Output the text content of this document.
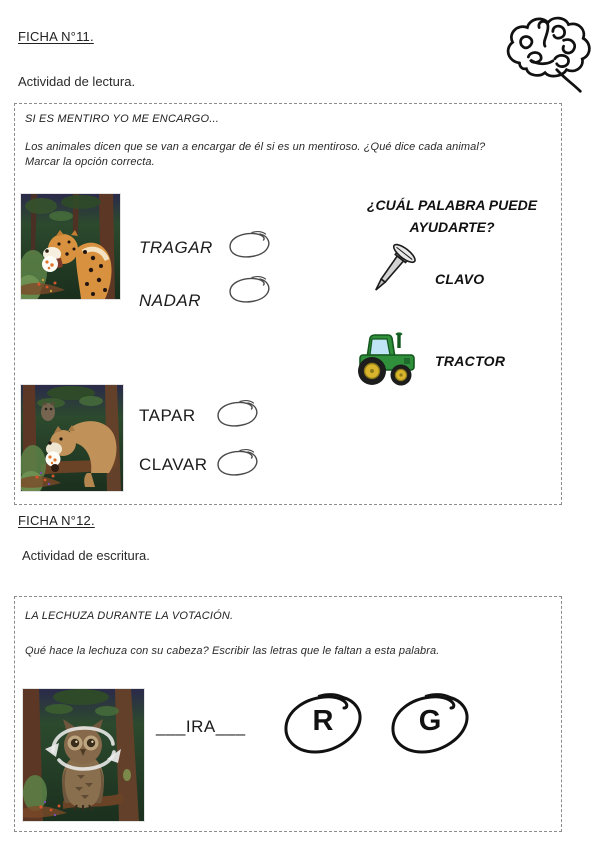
FICHA N°11.
Actividad de lectura.
SI ES MENTIRO YO ME ENCARGO...
Los animales dicen que se van a encargar de él si es un mentiroso. ¿Qué dice cada animal?
Marcar la opción correcta.
TRAGAR
NADAR
¿CUÁL PALABRA PUEDE AYUDARTE?
CLAVO
TRACTOR
TAPAR
CLAVAR
FICHA N°12.
Actividad de escritura.
LA LECHUZA DURANTE LA VOTACIÓN.
Qué hace la lechuza con su cabeza? Escribir las letras que le faltan a esta palabra.
___IRA___	R	G
